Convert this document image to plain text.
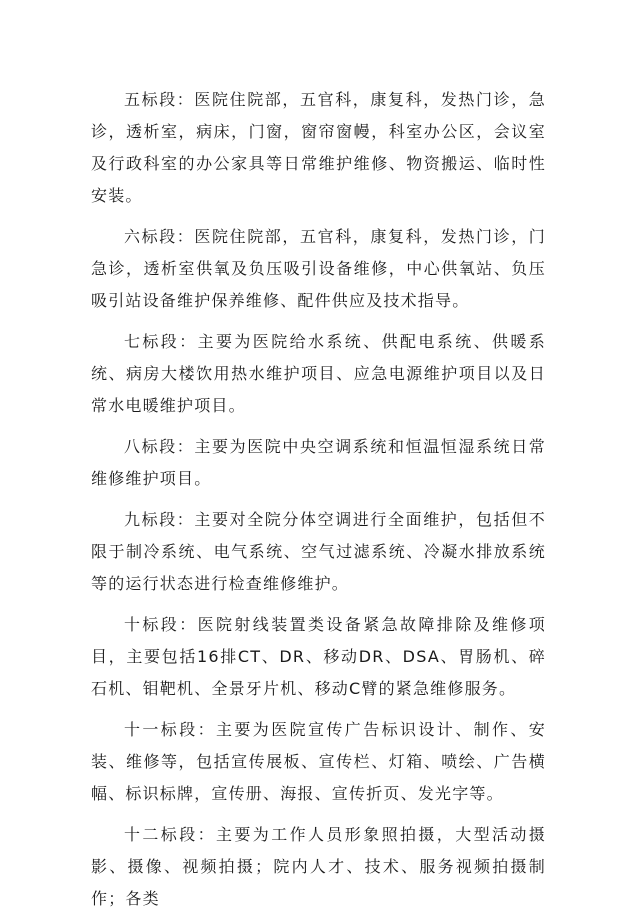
五标段：医院住院部，五官科，康复科，发热门诊，急诊，透析室，病床，门窗，窗帘窗幔，科室办公区，会议室及行政科室的办公家具等日常维护维修、物资搬运、临时性安装。

六标段：医院住院部，五官科，康复科，发热门诊，门急诊，透析室供氧及负压吸引设备维修，中心供氧站、负压吸引站设备维护保养维修、配件供应及技术指导。

七标段：主要为医院给水系统、供配电系统、供暖系统、病房大楼饮用热水维护项目、应急电源维护项目以及日常水电暖维护项目。

八标段：主要为医院中央空调系统和恒温恒湿系统日常维修维护项目。

九标段：主要对全院分体空调进行全面维护，包括但不限于制冷系统、电气系统、空气过滤系统、冷凝水排放系统等的运行状态进行检查维修维护。

十标段：医院射线装置类设备紧急故障排除及维修项目，主要包括16排CT、DR、移动DR、DSA、胃肠机、碎石机、钼靶机、全景牙片机、移动C臂的紧急维修服务。

十一标段：主要为医院宣传广告标识设计、制作、安装、维修等，包括宣传展板、宣传栏、灯箱、喷绘、广告横幅、标识标牌，宣传册、海报、宣传折页、发光字等。

十二标段：主要为工作人员形象照拍摄，大型活动摄影、摄像、视频拍摄；院内人才、技术、服务视频拍摄制作；各类
